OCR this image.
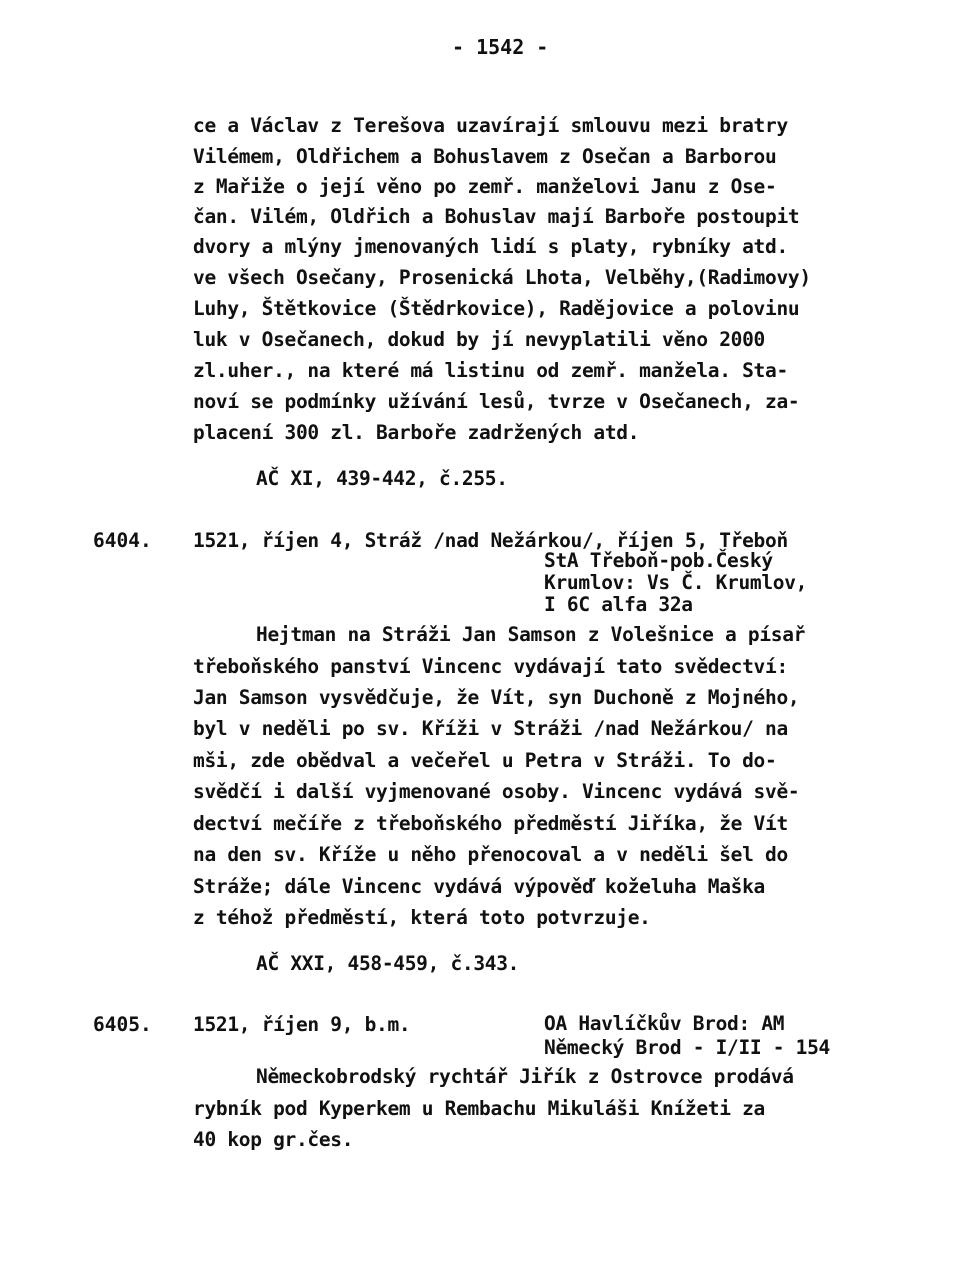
- 1542 -
ce a Václav z Terešova uzavírají smlouvu mezi bratry
Vilémem, Oldřichem a Bohuslavem z Osečan a Barborou
z Mařiže o její věno po zemř. manželovi Janu z Ose-
čan. Vilém, Oldřich a Bohuslav mají Barboře postoupit
dvory a mlýny jmenovaných lidí s platy, rybníky atd.
ve všech Osečany, Prosenická Lhota, Velběhy,(Radimovy)
Luhy, Štětkovice (Štědrkovice), Radějovice a polovinu
luk v Osečanech, dokud by jí nevyplatili věno 2000
zl.uher., na které má listinu od zemř. manžela. Sta-
noví se podmínky užívání lesů, tvrze v Osečanech, za-
placení 300 zl. Barboře zadržených atd.
AČ XI, 439-442, č.255.
6404. 1521, říjen 4, Stráž /nad Nežárkou/, říjen 5, Třeboň
StA Třeboň-pob.Český
Krumlov: Vs Č. Krumlov,
I 6C alfa 32a
Hejtman na Stráži Jan Samson z Volešnice a písař
třeboňského panství Vincenc vydávají tato svědectví:
Jan Samson vysvědčuje, že Vít, syn Duchoně z Mojného,
byl v neděli po sv. Kříži v Stráži /nad Nežárkou/ na
mši, zde obědval a večeřel u Petra v Stráži. To do-
svědčí i další vyjmenované osoby. Vincenc vydává svě-
dectví mečíře z třeboňského předměstí Jiříka, že Vít
na den sv. Kříže u něho přenocoval a v neděli šel do
Stráže; dále Vincenc vydává výpověď koželuha Maška
z téhož předměstí, která toto potvrzuje.
AČ XXI, 458-459, č.343.
6405. 1521, říjen 9, b.m.	OA Havlíčkův Brod: AM
Německý Brod - I/II - 154
Německobrodský rychtář Jiřík z Ostrovce prodává
rybník pod Kyperkem u Rembachu Mikuláši Knížeti za
40 kop gr.čes.
